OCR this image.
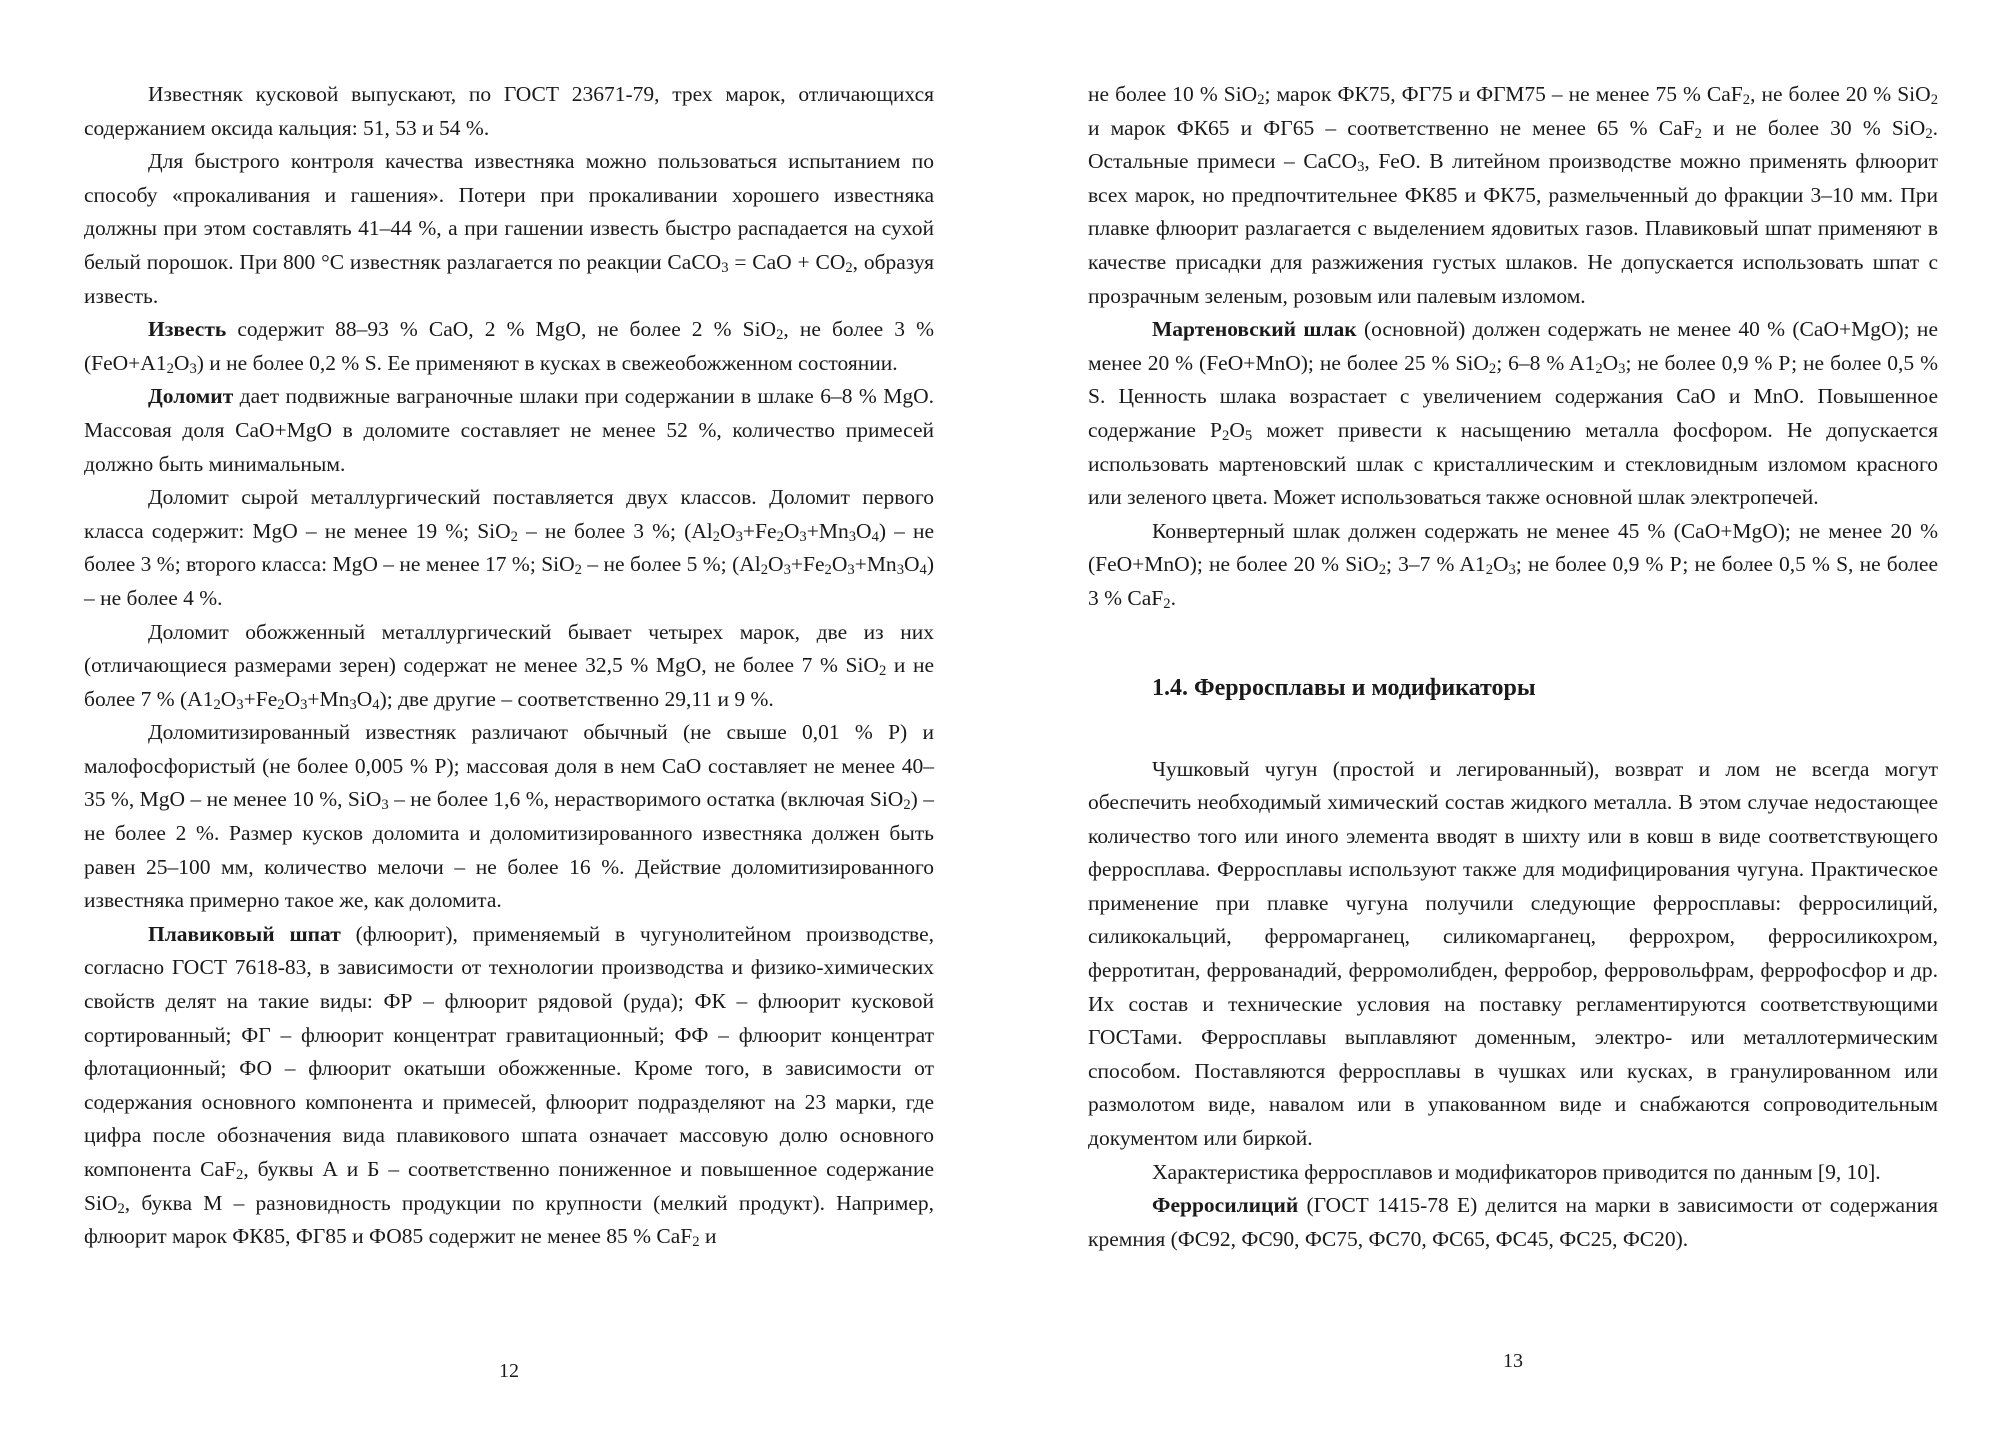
Известняк кусковой выпускают, по ГОСТ 23671-79, трех марок, отличающихся содержанием оксида кальция: 51, 53 и 54 %.

Для быстрого контроля качества известняка можно пользоваться испытанием по способу «прокаливания и гашения». Потери при прокаливании хорошего известняка должны при этом составлять 41–44 %, а при гашении известь быстро распадается на сухой белый порошок. При 800 °С известняк разлагается по реакции СаСО$_3$ = СаО + $СО_2$, образуя известь.

Известь содержит 88–93 % CaO, 2 % MgO, не более 2 % SiO$_2$, не более 3 % $(FeO+A1_2O_3)$ и не более 0,2 % S. Ее применяют в кусках в свежеобожженном состоянии.

Доломит дает подвижные ваграночные шлаки при содержании в шлаке 6–8 % MgO. Массовая доля CaO+MgO в доломите составляет не менее 52 %, количество примесей должно быть минимальным.

Доломит сырой металлургический поставляется двух классов. Доломит первого класса содержит: MgO – не менее 19 %; SiO$_2$ – не более 3 %; $(Al_2O_3+Fe_2O_3+Mn_3O_4)$ – не более 3 %; второго класса: MgO – не менее 17 %; SiO$_2$ – не более 5 %; $(Al_2O_3+Fe_2O_3+Mn_3O_4)$ – не более 4 %.

Доломит обожженный металлургический бывает четырех марок, две из них (отличающиеся размерами зерен) содержат не менее 32,5 % MgO, не более 7 % SiO$_2$ и не более 7 % $(A1_2O_3+Fe_2O_3+Mn_3O_4)$; две другие – соответственно 29,11 и 9 %.

Доломитизированный известняк различают обычный (не свыше 0,01 % Р) и малофосфористый (не более 0,005 % Р); массовая доля в нем СаО составляет не менее 40–35 %, MgO – не менее 10 %, SiO$_3$ – не более 1,6 %, нерастворимого остатка (включая SiO$_2$) – не более 2 %. Размер кусков доломита и доломитизированного известняка должен быть равен 25–100 мм, количество мелочи – не более 16 %. Действие доломитизированного известняка примерно такое же, как доломита.

Плавиковый шпат (флюорит), применяемый в чугунолитейном производстве, согласно ГОСТ 7618-83, в зависимости от технологии производства и физико-химических свойств делят на такие виды: ФР – флюорит рядовой (руда); ФК – флюорит кусковой сортированный; ФГ – флюорит концентрат гравитационный; ФФ – флюорит концентрат флотационный; ФО – флюорит окатыши обожженные. Кроме того, в зависимости от содержания основного компонента и примесей, флюорит подразделяют на 23 марки, где цифра после обозначения вида плавикового шпата означает массовую долю основного компонента CaF$_2$, буквы А и Б – соответственно пониженное и повышенное содержание SiO$_2$, буква М – разновидность продукции по крупности (мелкий продукт). Например, флюорит марок ФК85, ФГ85 и ФО85 содержит не менее 85 % CaF$_2$ и

12

не более 10 % SiO$_2$; марок ФК75, ФГ75 и ФГМ75 – не менее 75 % CaF$_2$, не более 20 % SiO$_2$ и марок ФК65 и ФГ65 – соответственно не менее 65 % CaF$_2$ и не более 30 % SiO$_2$. Остальные примеси – CaCO$_3$, FeO. В литейном производстве можно применять флюорит всех марок, но предпочтительнее ФК85 и ФК75, размельченный до фракции 3–10 мм. При плавке флюорит разлагается с выделением ядовитых газов. Плавиковый шпат применяют в качестве присадки для разжижения густых шлаков. Не допускается использовать шпат с прозрачным зеленым, розовым или палевым изломом.

Мартеновский шлак (основной) должен содержать не менее 40 % (CaO+MgO); не менее 20 % (FeO+MnO); не более 25 % SiO$_2$; 6–8 % $A1_2O_3$; не более 0,9 % Р; не более 0,5 % S. Ценность шлака возрастает с увеличением содержания СаО и MnO. Повышенное содержание $P_2O_5$ может привести к насыщению металла фосфором. Не допускается использовать мартеновский шлак с кристаллическим и стекловидным изломом красного или зеленого цвета. Может использоваться также основной шлак электропечей.

Конвертерный шлак должен содержать не менее 45 % (CaO+MgO); не менее 20 % (FeO+MnO); не более 20 % SiO$_2$; 3–7 % $A1_2O_3$; не более 0,9 % Р; не более 0,5 % S, не более 3 % CaF$_2$.

1.4. Ферросплавы и модификаторы

Чушковый чугун (простой и легированный), возврат и лом не всегда могут обеспечить необходимый химический состав жидкого металла. В этом случае недостающее количество того или иного элемента вводят в шихту или в ковш в виде соответствующего ферросплава. Ферросплавы используют также для модифицирования чугуна. Практическое применение при плавке чугуна получили следующие ферросплавы: ферросилиций, силикокальций, ферромарганец, силикомарганец, феррохром, ферросиликохром, ферротитан, феррованадий, ферромолибден, ферробор, ферровольфрам, феррофосфор и др. Их состав и технические условия на поставку регламентируются соответствующими ГОСТами. Ферросплавы выплавляют доменным, электро- или металлотермическим способом. Поставляются ферросплавы в чушках или кусках, в гранулированном или размолотом виде, навалом или в упакованном виде и снабжаются сопроводительным документом или биркой.

Характеристика ферросплавов и модификаторов приводится по данным [9, 10].

Ферросилиций (ГОСТ 1415-78 Е) делится на марки в зависимости от содержания кремния (ФС92, ФС90, ФС75, ФС70, ФС65, ФС45, ФС25, ФС20).

13
